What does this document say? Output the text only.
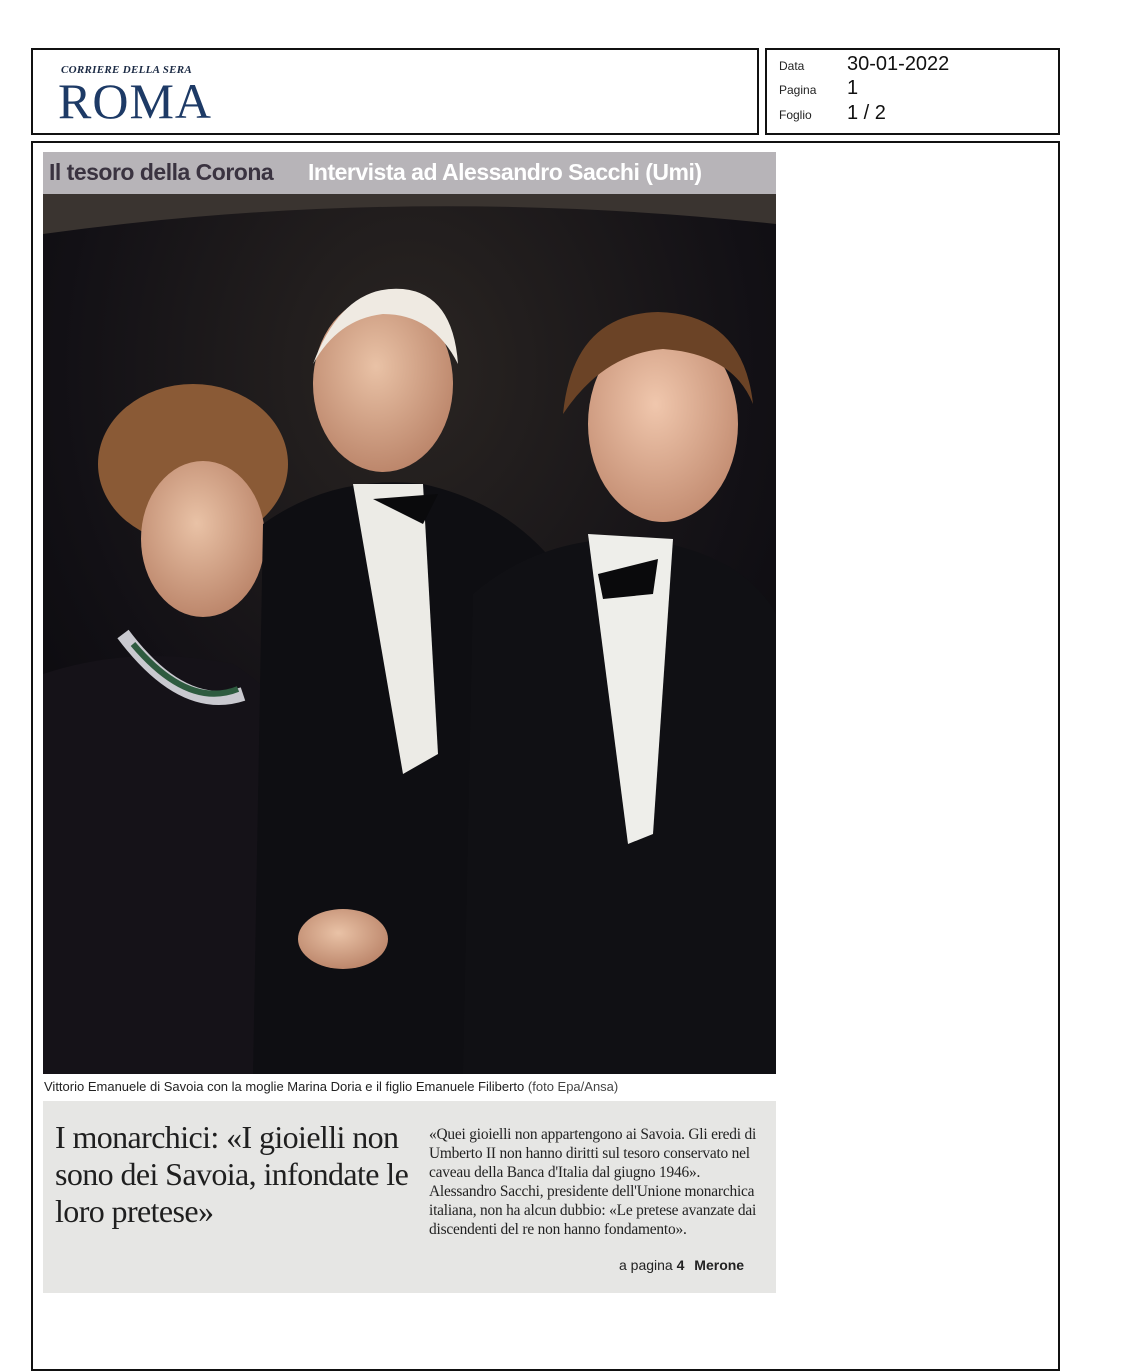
CORRIERE DELLA SERA
ROMA
Data 30-01-2022
Pagina 1
Foglio 1 / 2
Il tesoro della Corona Intervista ad Alessandro Sacchi (Umi)
Vittorio Emanuele di Savoia con la moglie Marina Doria e il figlio Emanuele Filiberto (foto Epa/Ansa)
I monarchici: «I gioielli non sono dei Savoia, infondate le loro pretese»
«Quei gioielli non appartengono ai Savoia. Gli eredi di Umberto II non hanno diritti sul tesoro conservato nel caveau della Banca d'Italia dal giugno 1946». Alessandro Sacchi, presidente dell'Unione monarchica italiana, non ha alcun dubbio: «Le pretese avanzate dai discendenti del re non hanno fondamento».
a pagina 4 Merone
